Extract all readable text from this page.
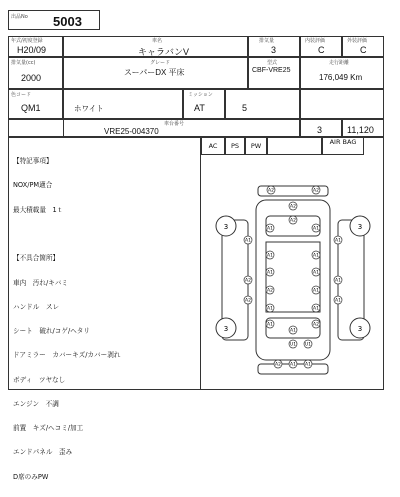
出品No 5003
年式/初度登録
H20/09
車名
キャラバンV
排気量
3
内装評価
C
外装評価
C
排気量(cc)
2000
グレード
スーパーDX 平床
型式
CBF-VRE25
走行距離
176,049 Km
色コード
QM1	ホワイト
ミッション
AT	5
車台番号
VRE25-004370	3	11,120

【特記事項】

NOX/PM適合

最大積載量　1ｔ

【不具合箇所】

車内　汚れ/キバミ

ハンドル　スレ

シート　破れ/コゲ/ヘタリ

ドアミラー　カバーキズ/カバー剥れ

ボディ　ツヤなし

エンジン　不調

前置　キズ/ヘコミ/加工

エンドパネル　歪み

D席のみPW

AC	PS	PW	AIR BAG
3	3
3	3
A2	A2
A2
A2
A1	A1
A1	A1
A1	A1
A1	A1
A2	A1
A2	A1
A2	A1
A1	A1
A1	A2
A1
U1 U1
A2 A1 A1
